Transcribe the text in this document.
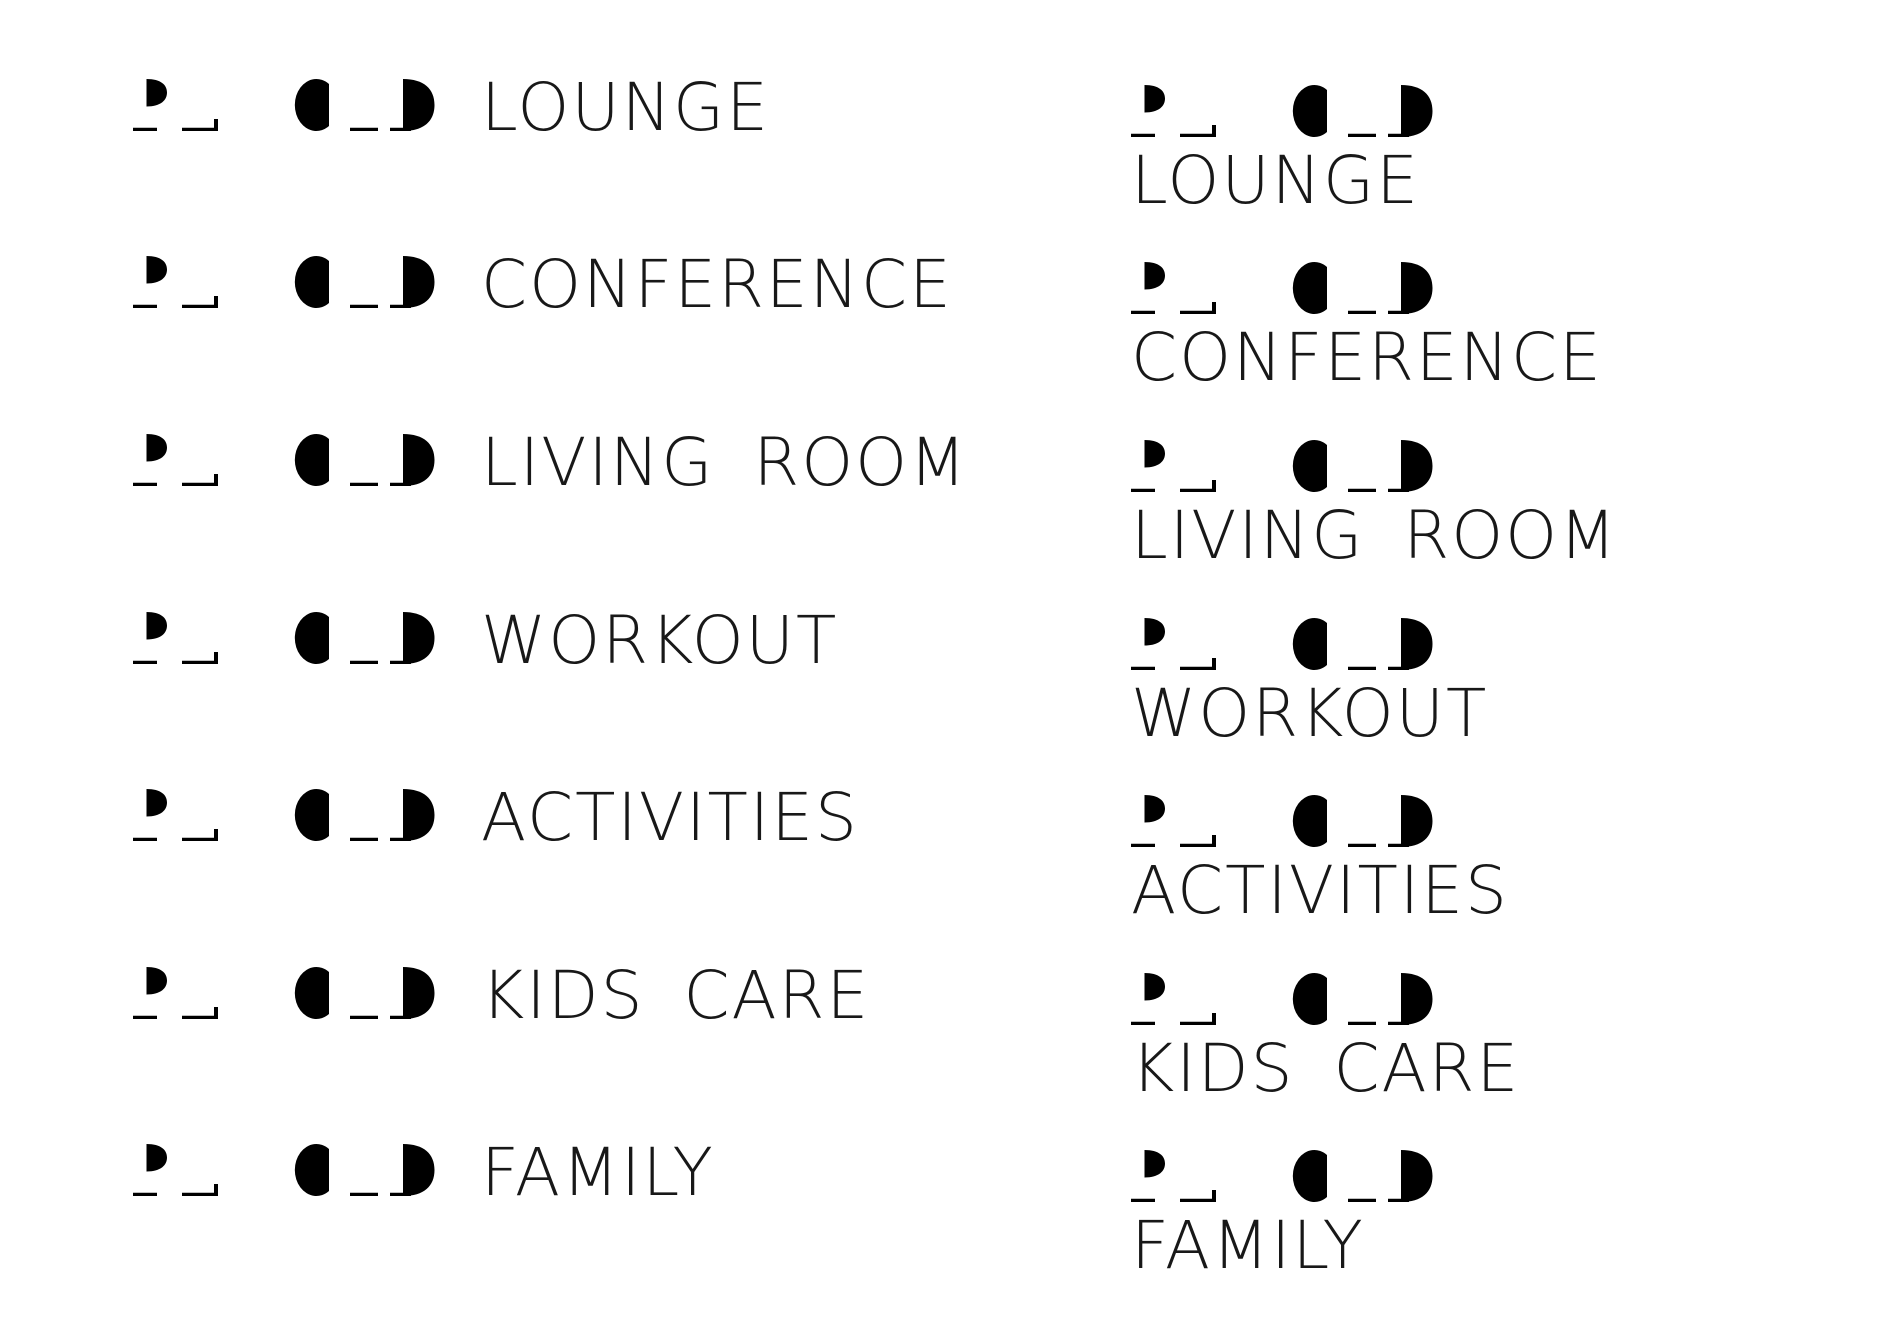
LOUNGE
CONFERENCE
LIVING ROOM
WORKOUT
ACTIVITIES
KIDS CARE
FAMILY
LOUNGE
CONFERENCE
LIVING ROOM
WORKOUT
ACTIVITIES
KIDS CARE
FAMILY
